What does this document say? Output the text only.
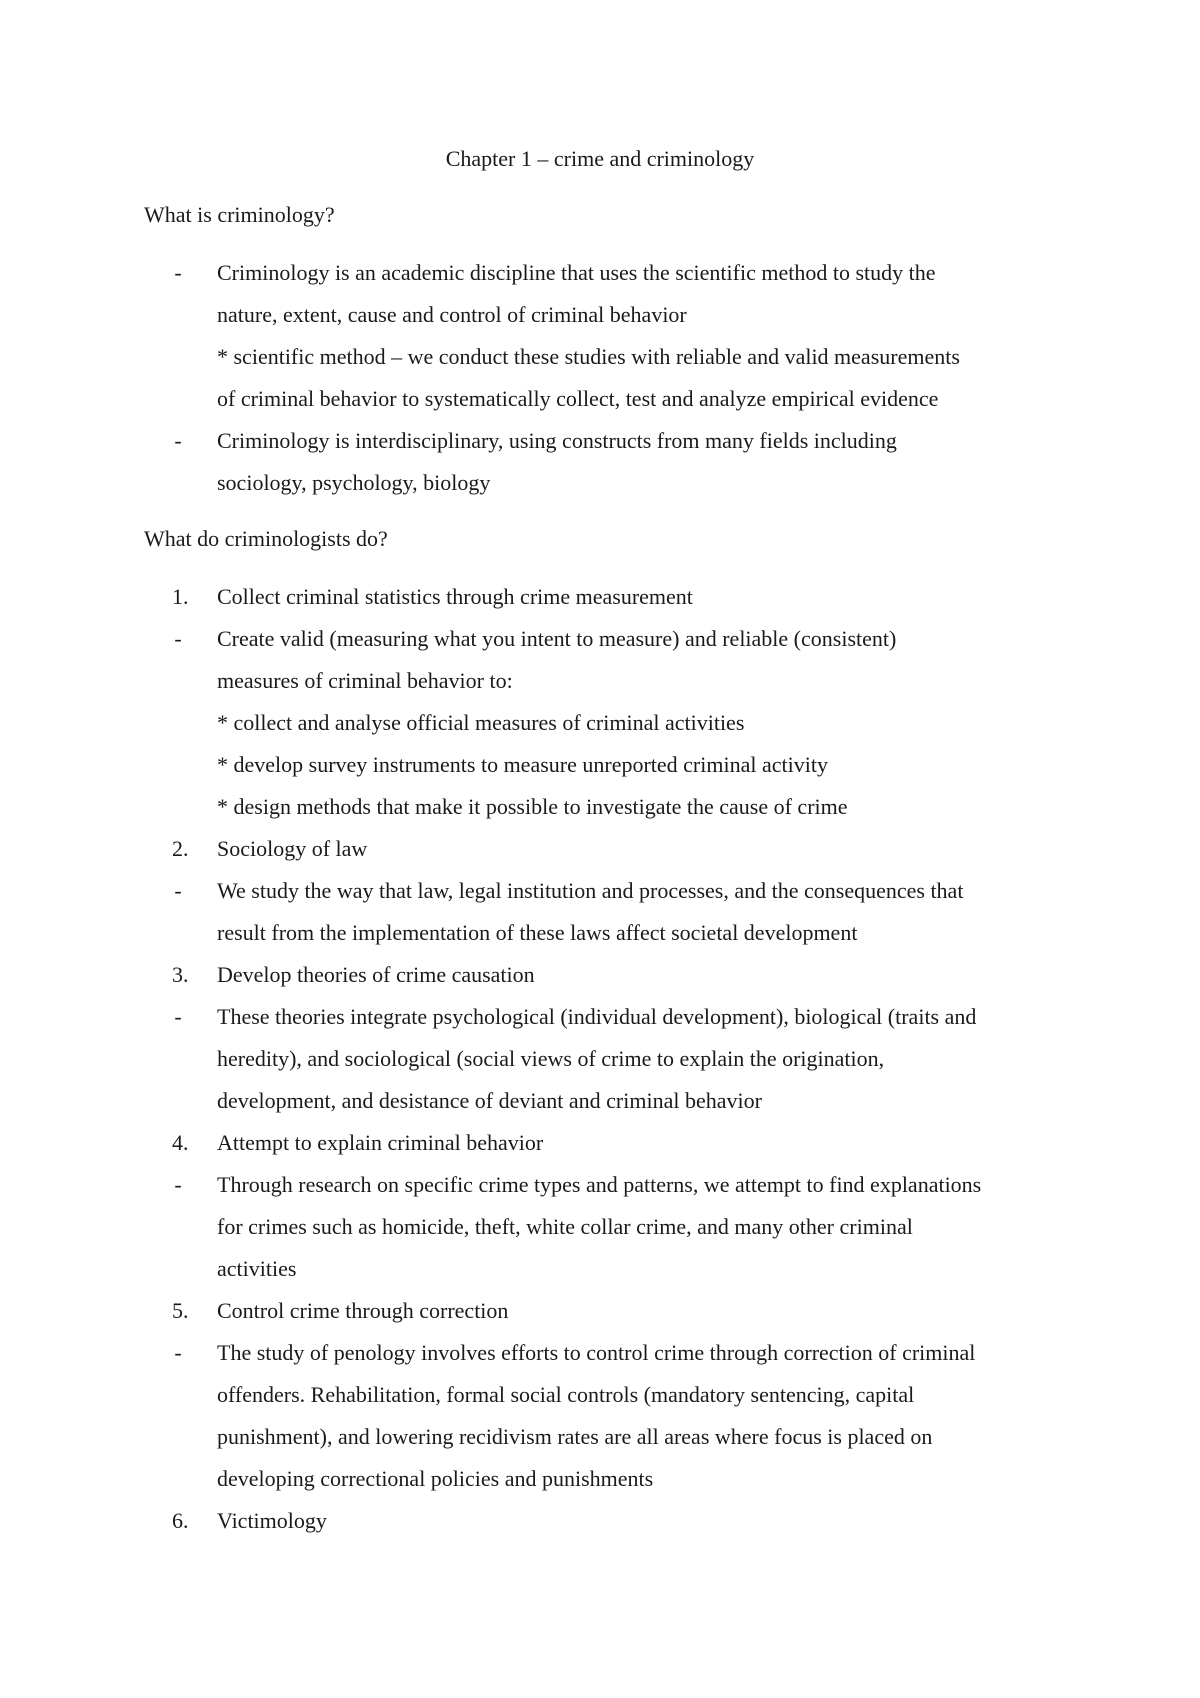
Chapter 1 – crime and criminology
What is criminology?
-	Criminology is an academic discipline that uses the scientific method to study the
nature, extent, cause and control of criminal behavior
* scientific method – we conduct these studies with reliable and valid measurements
of criminal behavior to systematically collect, test and analyze empirical evidence
-	Criminology is interdisciplinary, using constructs from many fields including
sociology, psychology, biology
What do criminologists do?
1. Collect criminal statistics through crime measurement
-	Create valid (measuring what you intent to measure) and reliable (consistent)
measures of criminal behavior to:
* collect and analyse official measures of criminal activities
* develop survey instruments to measure unreported criminal activity
* design methods that make it possible to investigate the cause of crime
2. Sociology of law
-	We study the way that law, legal institution and processes, and the consequences that
result from the implementation of these laws affect societal development
3. Develop theories of crime causation
-	These theories integrate psychological (individual development), biological (traits and
heredity), and sociological (social views of crime to explain the origination,
development, and desistance of deviant and criminal behavior
4. Attempt to explain criminal behavior
-	Through research on specific crime types and patterns, we attempt to find explanations
for crimes such as homicide, theft, white collar crime, and many other criminal
activities
5. Control crime through correction
-	The study of penology involves efforts to control crime through correction of criminal
offenders. Rehabilitation, formal social controls (mandatory sentencing, capital
punishment), and lowering recidivism rates are all areas where focus is placed on
developing correctional policies and punishments
6. Victimology
